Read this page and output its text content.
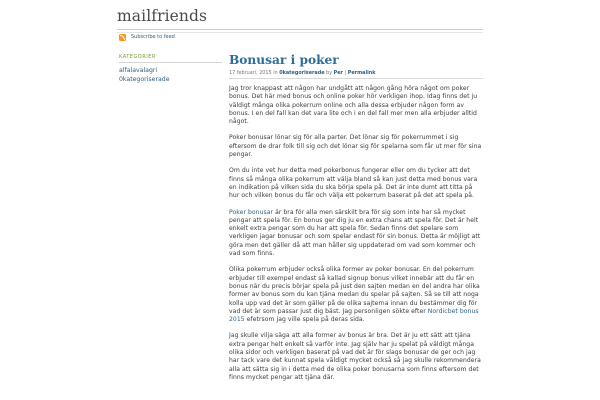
mailfriends
Subscribe to feed
KATEGORIER
alfalavalagri
0kategoriserade
Bonusar i poker
17 februari, 2015 in 0kategoriserade by Per | Permalink

Jag tror knappast att någon har undgått att någon gång höra något om poker bonus. Det här med bonus och online poker hör verkligen ihop. Idag finns det ju väldigt många olika pokerrum online och alla dessa erbjuder någon form av bonus. I en del fall kan det vara lite och i en del fall mer men alla erbjuder alltid något.

Poker bonusar lönar sig för alla parter. Det lönar sig för pokerrummet i sig eftersom de drar folk till sig och det lönar sig för spelarna som får ut mer för sina pengar.

Om du inte vet hur detta med pokerbonus fungerar eller om du tycker att det finns så många olika pokerrum att välja bland så kan just detta med bonus vara en indikation på vilken sida du ska börja spela på. Det är inte dumt att titta på hur och vilken bonus du får och välja ett pokerrum baserat på det att spela på.

Poker bonusar är bra för alla men särskilt bra för sig som inte har så mycket pengar att spela för. En bonus ger dig ju en extra chans att spela för. Det är helt enkelt extra pengar som du har att spela för. Sedan finns det spelare som verkligen jagar bonusar och som spelar endast för sin bonus. Detta är möjligt att göra men det gäller då att man håller sig uppdaterad om vad som kommer och vad som finns.

Olika pokerrum erbjuder också olika former av poker bonusar. En del pokerrum erbjuder till exempel endast så kallad signup bonus vilket innebär att du får en bonus när du precis börjar spela på just den sajten medan en del andra har olika former av bonus som du kan tjäna medan du spelar på sajten. Så se till att noga kolla upp vad det är som gäller på de olika sajterna innan du bestämmer dig för vad det är som passar just dig bäst. Jag personligen sökte efter Nordicbet bonus 2015 efetrsom jag ville spela på deras sida.

Jag skulle vilja säga att alla former av bonus är bra. Det är ju ett sätt att tjäna extra pengar helt enkelt så varför inte. Jag själv har ju spelat på väldigt många olika sidor och verkligen baserat på vad det är för slags bonusar de ger och jag har tack vare det kunnat spela väldigt mycket också så jag skulle rekommendera alla att sätta sig in i detta med de olika poker bonusarna som finns eftersom det finns mycket pengar att tjäna där.
